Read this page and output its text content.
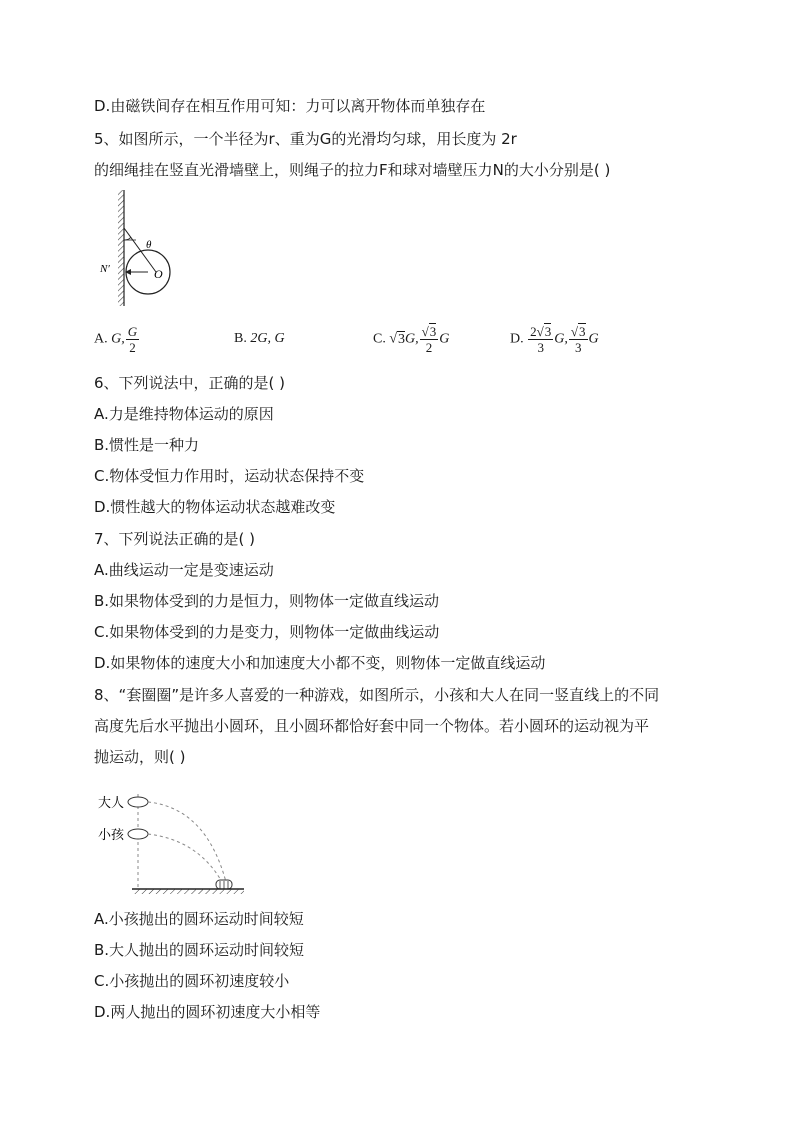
D.由磁铁间存在相互作用可知：力可以离开物体而单独存在
5、如图所示，一个半径为r、重为G的光滑均匀球，用长度为 2r
的细绳挂在竖直光滑墙壁上，则绳子的拉力F和球对墙壁压力N的大小分别是( )
θ
N′	O
A. G, $\frac{G}{2}$	B. 2G, G	C. √3G, $\frac{√3}{2}$ G	D. $\frac{2√3}{3} G$, $\frac{√3}{3}$ G
6、下列说法中，正确的是( )
A.力是维持物体运动的原因
B.惯性是一种力
C.物体受恒力作用时，运动状态保持不变
D.惯性越大的物体运动状态越难改变
7、下列说法正确的是( )
A.曲线运动一定是变速运动
B.如果物体受到的力是恒力，则物体一定做直线运动
C.如果物体受到的力是变力，则物体一定做曲线运动
D.如果物体的速度大小和加速度大小都不变，则物体一定做直线运动
8、“套圈圈”是许多人喜爱的一种游戏，如图所示，小孩和大人在同一竖直线上的不同
高度先后水平抛出小圆环，且小圆环都恰好套中同一个物体。若小圆环的运动视为平
抛运动，则( )
大人
小孩
A.小孩抛出的圆环运动时间较短
B.大人抛出的圆环运动时间较短
C.小孩抛出的圆环初速度较小
D.两人抛出的圆环初速度大小相等
